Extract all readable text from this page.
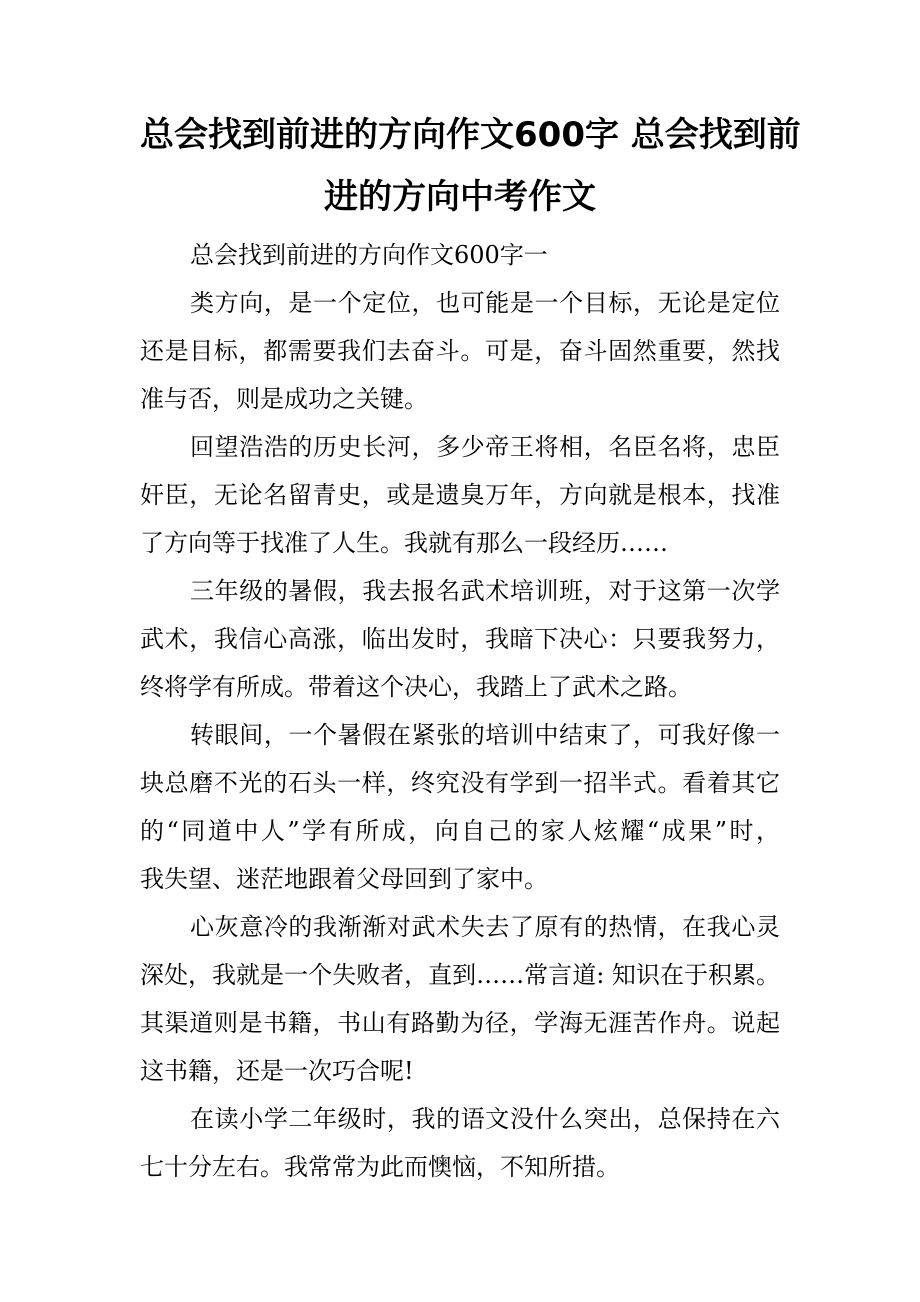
总会找到前进的方向作文600字 总会找到前
进的方向中考作文

总会找到前进的方向作文600字一

类方向，是一个定位，也可能是一个目标，无论是定位

还是目标，都需要我们去奋斗。可是，奋斗固然重要，然找

准与否，则是成功之关键。

回望浩浩的历史长河，多少帝王将相，名臣名将，忠臣

奸臣，无论名留青史，或是遗臭万年，方向就是根本，找准

了方向等于找准了人生。我就有那么一段经历……

三年级的暑假，我去报名武术培训班，对于这第一次学

武术，我信心高涨，临出发时，我暗下决心：只要我努力，

终将学有所成。带着这个决心，我踏上了武术之路。

转眼间，一个暑假在紧张的培训中结束了，可我好像一

块总磨不光的石头一样，终究没有学到一招半式。看着其它

的“同道中人”学有所成，向自己的家人炫耀“成果”时，

我失望、迷茫地跟着父母回到了家中。

心灰意冷的我渐渐对武术失去了原有的热情，在我心灵

深处，我就是一个失败者，直到……常言道: 知识在于积累。

其渠道则是书籍，书山有路勤为径，学海无涯苦作舟。说起

这书籍，还是一次巧合呢!

在读小学二年级时，我的语文没什么突出，总保持在六

七十分左右。我常常为此而懊恼，不知所措。
